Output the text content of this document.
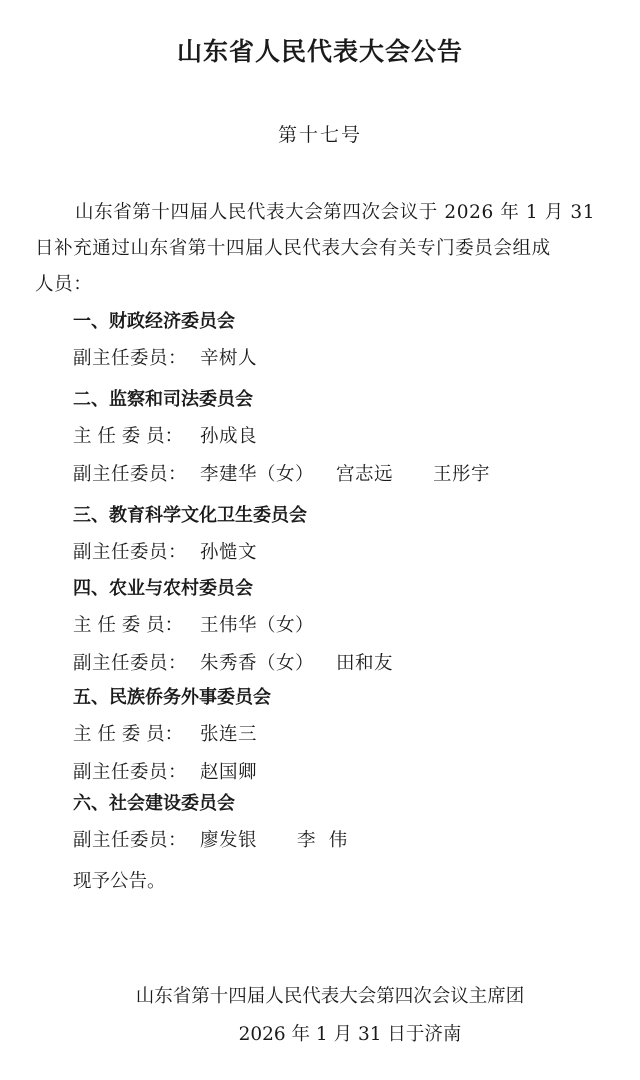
山东省人民代表大会公告
第十七号
山东省第十四届人民代表大会第四次会议于 2026 年 1 月 31
日补充通过山东省第十四届人民代表大会有关专门委员会组成
人员：
一、财政经济委员会
副主任委员： 辛树人
二、监察和司法委员会
主 任 委 员： 孙成良
副主任委员： 李建华（女） 宫志远 王彤宇
三、教育科学文化卫生委员会
副主任委员： 孙慥文
四、农业与农村委员会
主 任 委 员： 王伟华（女）
副主任委员： 朱秀香（女） 田和友
五、民族侨务外事委员会
主 任 委 员： 张连三
副主任委员： 赵国卿
六、社会建设委员会
副主任委员： 廖发银 李  伟
现予公告。
山东省第十四届人民代表大会第四次会议主席团
2026 年 1 月 31 日于济南
